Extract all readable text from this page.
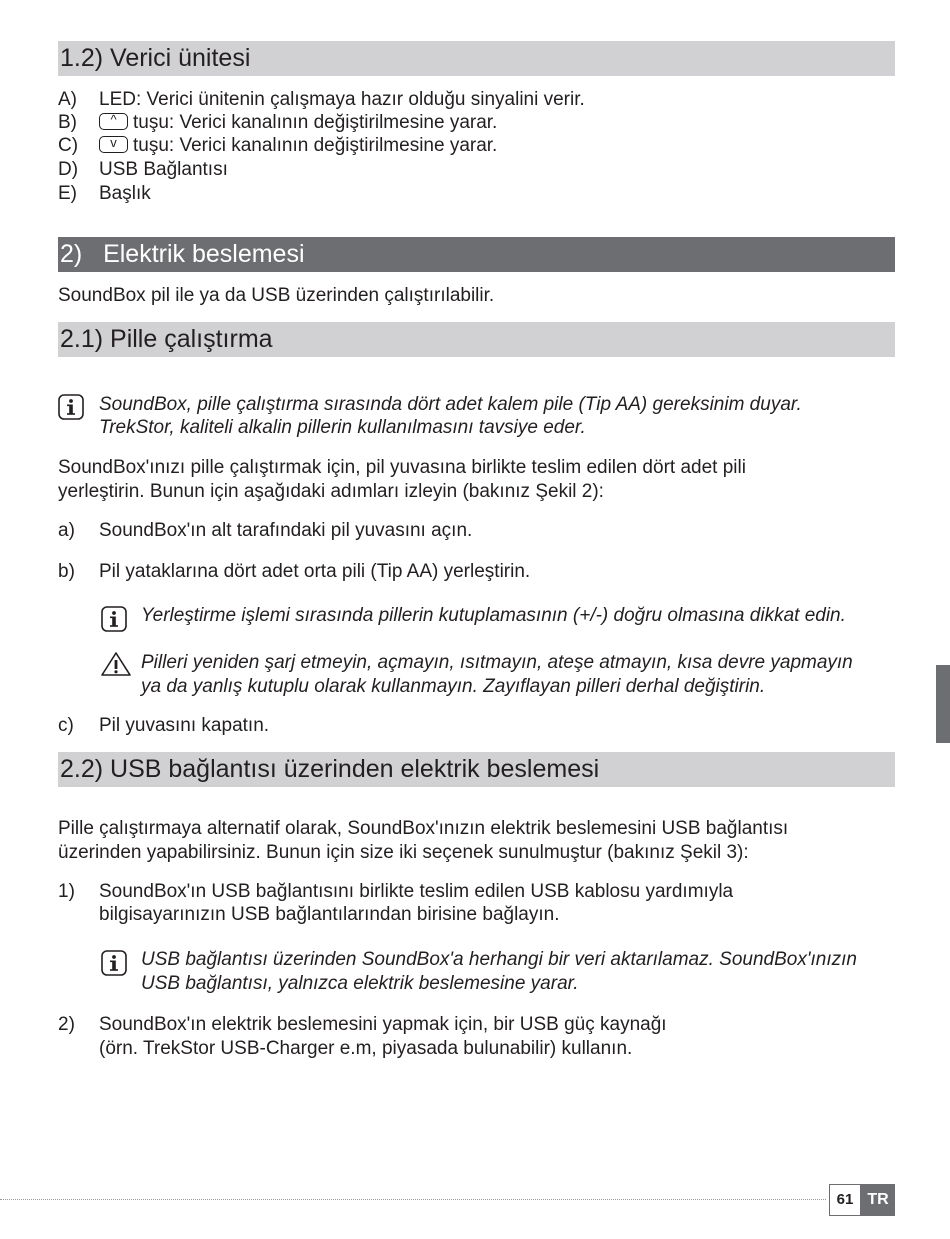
1.2) Verici ünitesi
A) LED: Verici ünitenin çalışmaya hazır olduğu sinyalini verir.
B)	^ tuşu: Verici kanalının değiştirilmesine yarar.
C)	v tuşu: Verici kanalının değiştirilmesine yarar.
D) USB Bağlantısı
E) Başlık
2)   Elektrik beslemesi
SoundBox pil ile ya da USB üzerinden çalıştırılabilir.
2.1) Pille çalıştırma
SoundBox, pille çalıştırma sırasında dört adet kalem pile (Tip AA) gereksinim duyar.
TrekStor, kaliteli alkalin pillerin kullanılmasını tavsiye eder.
SoundBox'ınızı pille çalıştırmak için, pil yuvasına birlikte teslim edilen dört adet pili
yerleştirin. Bunun için aşağıdaki adımları izleyin (bakınız Şekil 2):
a) SoundBox'ın alt tarafındaki pil yuvasını açın.
b) Pil yataklarına dört adet orta pili (Tip AA) yerleştirin.
Yerleştirme işlemi sırasında pillerin kutuplamasının (+/-) doğru olmasına dikkat edin.
Pilleri yeniden şarj etmeyin, açmayın, ısıtmayın, ateşe atmayın, kısa devre yapmayın
ya da yanlış kutuplu olarak kullanmayın. Zayıflayan pilleri derhal değiştirin.
c) Pil yuvasını kapatın.
2.2) USB bağlantısı üzerinden elektrik beslemesi
Pille çalıştırmaya alternatif olarak, SoundBox'ınızın elektrik beslemesini USB bağlantısı
üzerinden yapabilirsiniz. Bunun için size iki seçenek sunulmuştur (bakınız Şekil 3):
1) SoundBox'ın USB bağlantısını birlikte teslim edilen USB kablosu yardımıyla
bilgisayarınızın USB bağlantılarından birisine bağlayın.
USB bağlantısı üzerinden SoundBox'a herhangi bir veri aktarılamaz. SoundBox'ınızın
USB bağlantısı, yalnızca elektrik beslemesine yarar.
2) SoundBox'ın elektrik beslemesini yapmak için, bir USB güç kaynağı
(örn. TrekStor USB-Charger e.m, piyasada bulunabilir) kullanın.
61 TR
